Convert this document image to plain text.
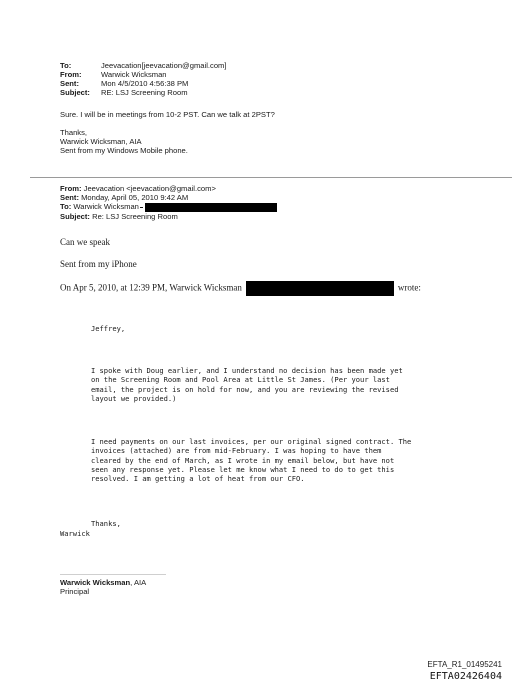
To:	Jeevacation[jeevacation@gmail.com]
From:	Warwick Wicksman
Sent:	Mon 4/5/2010 4:56:38 PM
Subject: RE: LSJ Screening Room
Sure. I will be in meetings from 10-2 PST. Can we talk at 2PST?
Thanks,
Warwick Wicksman, AIA
Sent from my Windows Mobile phone.
From: Jeevacation <jeevacation@gmail.com>
Sent: Monday, April 05, 2010 9:42 AM
To: Warwick Wicksman
Subject: Re: LSJ Screening Room
Can we speak
Sent from my iPhone
On Apr 5, 2010, at 12:39 PM, Warwick Wicksman	wrote:
Jeffrey,
I spoke with Doug earlier, and I understand no decision has been made yet
on the Screening Room and Pool Area at Little St James. (Per your last
email, the project is on hold for now, and you are reviewing the revised
layout we provided.)
I need payments on our last invoices, per our original signed contract. The
invoices (attached) are from mid-February. I was hoping to have them
cleared by the end of March, as I wrote in my email below, but have not
seen any response yet. Please let me know what I need to do to get this
resolved. I am getting a lot of heat from our CFO.
Thanks,
Warwick
Warwick Wicksman, AIA
Principal
EFTA_R1_01495241
EFTA02426404
